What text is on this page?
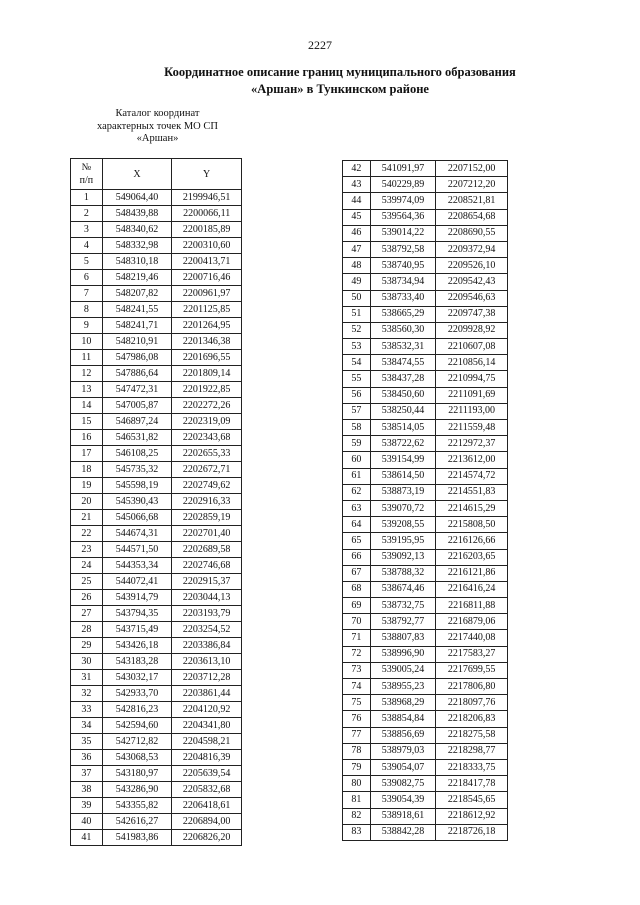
2227
Координатное описание границ муниципального образования
«Аршан» в Тункинском районе
Каталог координат
характерных точек МО СП
«Аршан»
№
п/п	X	Y
1	549064,40	2199946,51
2	548439,88	2200066,11
3	548340,62	2200185,89
4	548332,98	2200310,60
5	548310,18	2200413,71
6	548219,46	2200716,46
7	548207,82	2200961,97
8	548241,55	2201125,85
9	548241,71	2201264,95
10	548210,91	2201346,38
11	547986,08	2201696,55
12	547886,64	2201809,14
13	547472,31	2201922,85
14	547005,87	2202272,26
15	546897,24	2202319,09
16	546531,82	2202343,68
17	546108,25	2202655,33
18	545735,32	2202672,71
19	545598,19	2202749,62
20	545390,43	2202916,33
21	545066,68	2202859,19
22	544674,31	2202701,40
23	544571,50	2202689,58
24	544353,34	2202746,68
25	544072,41	2202915,37
26	543914,79	2203044,13
27	543794,35	2203193,79
28	543715,49	2203254,52
29	543426,18	2203386,84
30	543183,28	2203613,10
31	543032,17	2203712,28
32	542933,70	2203861,44
33	542816,23	2204120,92
34	542594,60	2204341,80
35	542712,82	2204598,21
36	543068,53	2204816,39
37	543180,97	2205639,54
38	543286,90	2205832,68
39	543355,82	2206418,61
40	542616,27	2206894,00
41	541983,86	2206826,20
42	541091,97	2207152,00
43	540229,89	2207212,20
44	539974,09	2208521,81
45	539564,36	2208654,68
46	539014,22	2208690,55
47	538792,58	2209372,94
48	538740,95	2209526,10
49	538734,94	2209542,43
50	538733,40	2209546,63
51	538665,29	2209747,38
52	538560,30	2209928,92
53	538532,31	2210607,08
54	538474,55	2210856,14
55	538437,28	2210994,75
56	538450,60	2211091,69
57	538250,44	2211193,00
58	538514,05	2211559,48
59	538722,62	2212972,37
60	539154,99	2213612,00
61	538614,50	2214574,72
62	538873,19	2214551,83
63	539070,72	2214615,29
64	539208,55	2215808,50
65	539195,95	2216126,66
66	539092,13	2216203,65
67	538788,32	2216121,86
68	538674,46	2216416,24
69	538732,75	2216811,88
70	538792,77	2216879,06
71	538807,83	2217440,08
72	538996,90	2217583,27
73	539005,24	2217699,55
74	538955,23	2217806,80
75	538968,29	2218097,76
76	538854,84	2218206,83
77	538856,69	2218275,58
78	538979,03	2218298,77
79	539054,07	2218333,75
80	539082,75	2218417,78
81	539054,39	2218545,65
82	538918,61	2218612,92
83	538842,28	2218726,18
